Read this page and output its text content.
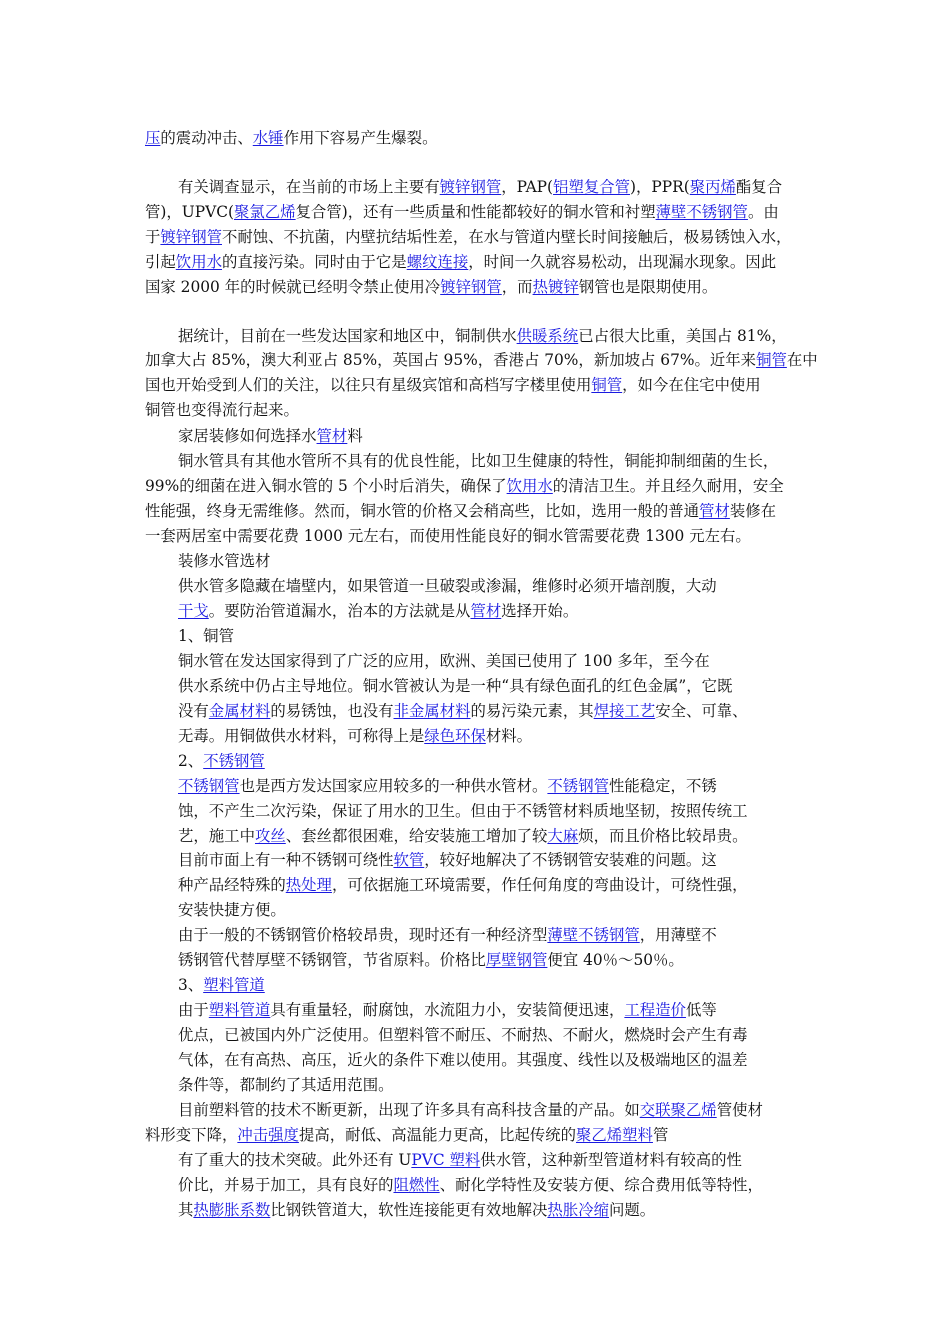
压的震动冲击、水锤作用下容易产生爆裂。
有关调查显示，在当前的市场上主要有镀锌钢管，PAP(铝塑复合管)，PPR(聚丙烯酯复合
管)，UPVC(聚氯乙烯复合管)，还有一些质量和性能都较好的铜水管和衬塑薄壁不锈钢管。由
于镀锌钢管不耐蚀、不抗菌，内壁抗结垢性差，在水与管道内壁长时间接触后，极易锈蚀入水，
引起饮用水的直接污染。同时由于它是螺纹连接，时间一久就容易松动，出现漏水现象。因此
国家 2000 年的时候就已经明令禁止使用冷镀锌钢管，而热镀锌钢管也是限期使用。
据统计，目前在一些发达国家和地区中，铜制供水供暖系统已占很大比重，美国占 81%，
加拿大占 85%，澳大利亚占 85%，英国占 95%，香港占 70%，新加坡占 67%。近年来铜管在中
国也开始受到人们的关注，以往只有星级宾馆和高档写字楼里使用铜管，如今在住宅中使用
铜管也变得流行起来。
家居装修如何选择水管材料
铜水管具有其他水管所不具有的优良性能，比如卫生健康的特性，铜能抑制细菌的生长，
99%的细菌在进入铜水管的 5 个小时后消失，确保了饮用水的清洁卫生。并且经久耐用，安全
性能强，终身无需维修。然而，铜水管的价格又会稍高些，比如，选用一般的普通管材装修在
一套两居室中需要花费 1000 元左右，而使用性能良好的铜水管需要花费 1300 元左右。
装修水管选材
供水管多隐藏在墙壁内，如果管道一旦破裂或渗漏，维修时必须开墙剖腹，大动
干戈。要防治管道漏水，治本的方法就是从管材选择开始。
1、铜管
铜水管在发达国家得到了广泛的应用，欧洲、美国已使用了 100 多年，至今在
供水系统中仍占主导地位。铜水管被认为是一种“具有绿色面孔的红色金属”，它既
没有金属材料的易锈蚀，也没有非金属材料的易污染元素，其焊接工艺安全、可靠、
无毒。用铜做供水材料，可称得上是绿色环保材料。
2、不锈钢管
不锈钢管也是西方发达国家应用较多的一种供水管材。不锈钢管性能稳定，不锈
蚀，不产生二次污染，保证了用水的卫生。但由于不锈管材料质地坚韧，按照传统工
艺，施工中攻丝、套丝都很困难，给安装施工增加了较大麻烦，而且价格比较昂贵。
目前市面上有一种不锈钢可绕性软管，较好地解决了不锈钢管安装难的问题。这
种产品经特殊的热处理，可依据施工环境需要，作任何角度的弯曲设计，可绕性强，
安装快捷方便。
由于一般的不锈钢管价格较昂贵，现时还有一种经济型薄壁不锈钢管，用薄壁不
锈钢管代替厚壁不锈钢管，节省原料。价格比厚壁钢管便宜 40％～50％。
3、塑料管道
由于塑料管道具有重量轻，耐腐蚀，水流阻力小，安装简便迅速，工程造价低等
优点，已被国内外广泛使用。但塑料管不耐压、不耐热、不耐火，燃烧时会产生有毒
气体，在有高热、高压，近火的条件下难以使用。其强度、线性以及极端地区的温差
条件等，都制约了其适用范围。
目前塑料管的技术不断更新，出现了许多具有高科技含量的产品。如交联聚乙烯管使材
料形变下降，冲击强度提高，耐低、高温能力更高，比起传统的聚乙烯塑料管
有了重大的技术突破。此外还有 UPVC 塑料供水管，这种新型管道材料有较高的性
价比，并易于加工，具有良好的阻燃性、耐化学特性及安装方便、综合费用低等特性，
其热膨胀系数比钢铁管道大，软性连接能更有效地解决热胀冷缩问题。
